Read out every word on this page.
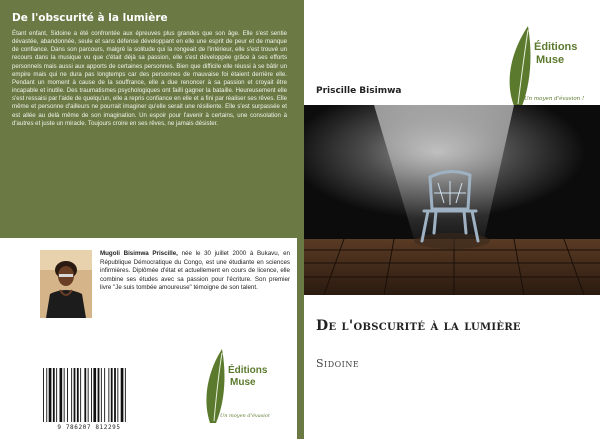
De l'obscurité à la lumière
Étant enfant, Sidoine a été confrontée aux épreuves plus grandes que son âge. Elle s'est sentie dévastée, abandonnée, seule et sans défense développant en elle une esprit de peur et de manque de confiance. Dans son parcours, malgré la solitude qui la rongeait de l'intérieur, elle s'est trouvé un recours dans la musique vu que c'était déjà sa passion, elle s'est développée grâce à ses efforts personnels mais aussi aux apports de certaines personnes. Bien que difficile elle réussi à se bâtir un empire mais qui ne dura pas longtemps car des personnes de mauvaise foi étaient derrière elle. Pendant un moment à cause de la souffrance, elle a due renoncer à sa passion et croyait être incapable et inutile. Des traumatismes psychologiques ont failli gagner la bataille. Heureusement elle s'est ressaisi par l'aide de quelqu'un, elle a repris confiance en elle et a fini par réaliser ses rêves. Elle même et personne d'ailleurs ne pourrait imaginer qu'elle serait une résiliente. Elle s'est surpassée et est allée au delà même de son imagination. Un espoir pour l'avenir à certains, une consolation à d'autres et juste un miracle. Toujours croire en ses rêves, ne jamais désister.
Mugoli Bisimwa Priscille, née le 30 juillet 2000 à Bukavu, en République Démocratique du Congo, est une étudiante en sciences infirmières. Diplômée d'état et actuellement en cours de licence, elle combine ses études avec sa passion pour l'écriture. Son premier livre "Je suis tombée amoureuse" témoigne de son talent.
9 786207 812295
Éditions
Muse
Un moyen d'évasion !
Éditions
Muse
Un moyen d'évasion !
Priscille Bisimwa
De l'obscurité à la lumière
Sidoine
